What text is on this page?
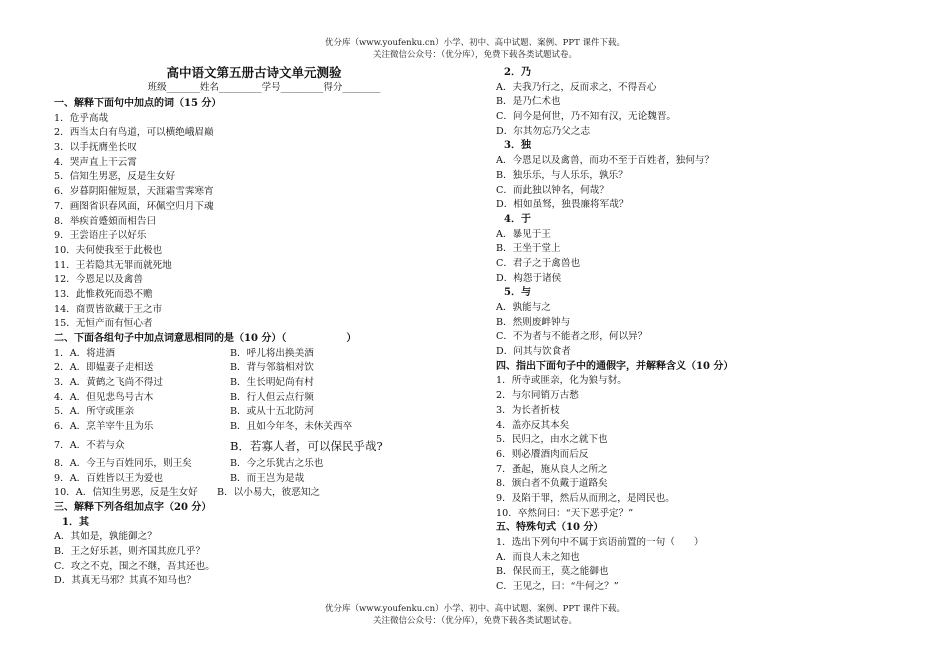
优分库（www.youfenku.cn）小学、初中、高中试题、案例、PPT 课件下载。
关注微信公众号：（优分库），免费下载各类试题试卷。
高中语文第五册古诗文单元测验
班级_______姓名_________学号_________得分________
一、解释下面句中加点的词（15 分）
1．危乎高哉
2．西当太白有鸟道，可以横绝峨眉巅
3．以手抚膺坐长叹
4．哭声直上干云霄
5．信知生男恶，反是生女好
6．岁暮阴阳催短景，天涯霜雪霁寒宵
7．画图省识春风面，环佩空归月下魂
8．举疾首蹙頞而相告曰
9．王尝语庄子以好乐
10．夫何使我至于此极也
11．王若隐其无罪而就死地
12．今恩足以及禽兽
13．此惟救死而恐不赡
14．商贾皆欲藏于王之市
15．无恒产而有恒心者
二、下面各组句子中加点词意思相同的是（10 分）（　　　　　　）
1．A．将进酒	B．呼儿将出换美酒
2．A．即媪妻子走相送	B．背与邻翁相对饮
3．A．黄鹤之飞尚不得过	B．生长明妃尚有村
4．A．但见悲鸟号古木	B．行人但云点行频
5．A．所守或匪亲	B．或从十五北防河
6．A．烹羊宰牛且为乐	B．且如今年冬，未休关西卒
7．A．不若与众	B．若寡人者，可以保民乎哉?
8．A．今王与百姓同乐，则王矣	B．今之乐犹古之乐也
9．A．百姓皆以王为爱也	B．而王岂为是哉
10．A．信知生男恶，反是生女好　　B．以小易大，彼恶知之
三、解释下列各组加点字（20 分）
1．其
A．其如是，孰能御之？
B．王之好乐甚，则齐国其庶几乎？
C．攻之不克，围之不继，吾其还也。
D．其真无马邪？其真不知马也？
2．乃
A．夫我乃行之，反而求之，不得吾心
B．是乃仁术也
C．问今是何世，乃不知有汉，无论魏晋。
D．尔其勿忘乃父之志
3．独
A．今恩足以及禽兽，而功不至于百姓者，独何与？
B．独乐乐，与人乐乐，孰乐？
C．而此独以钟名，何哉？
D．相如虽驽，独畏廉将军哉？
4．于
A．暴见于王
B．王坐于堂上
C．君子之于禽兽也
D．构怨于诸侯
5．与
A．孰能与之
B．然则废衅钟与
C．不为者与不能者之形，何以异？
D．问其与饮食者
四、指出下面句子中的通假字，并解释含义（10 分）
1．所寺或匪亲，化为狼与豺。
2．与尔同销万古愁
3．为长者折枝
4．盖亦反其本矣
5．民归之，由水之就下也
6．则必餍酒肉而后反
7．蚤起，施从良人之所之
8．颁白者不负戴于道路矣
9．及陷于罪，然后从而刑之，是罔民也。
10．卒然问曰：“天下恶乎定？”
五、特殊句式（10 分）
1．选出下列句中不属于宾语前置的一句（　　）
A．而良人未之知也
B．保民而王，莫之能御也
C．王见之，曰：“牛何之？”
优分库（www.youfenku.cn）小学、初中、高中试题、案例、PPT 课件下载。
关注微信公众号：（优分库），免费下载各类试题试卷。
